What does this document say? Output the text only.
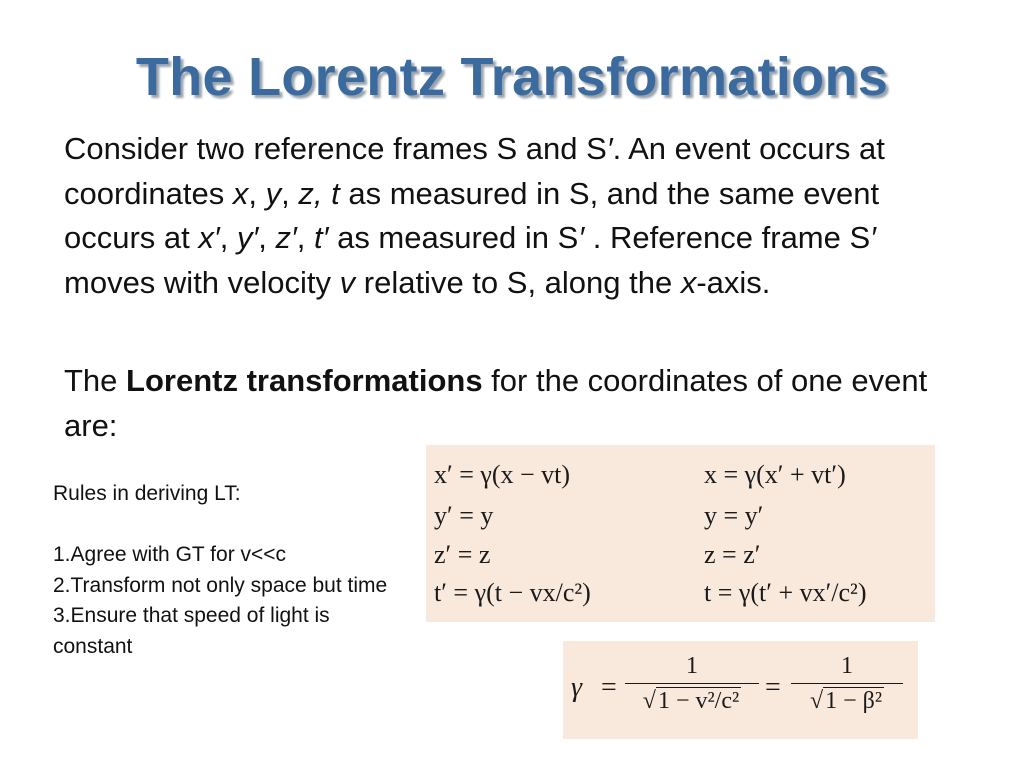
The Lorentz Transformations
Consider two reference frames S and S′. An event occurs at coordinates x, y, z, t as measured in S, and the same event occurs at x′, y′, z′, t′ as measured in S′ . Reference frame S′ moves with velocity v relative to S, along the x-axis.
The Lorentz transformations for the coordinates of one event are:
Rules in deriving LT:
1.Agree with GT for v<<c
2.Transform not only space but time
3.Ensure that speed of light is constant
x′ = γ(x − vt)
y′ = y
z′ = z
t′ = γ(t − vx/c²)
x = γ(x′ + vt′)
y = y′
z = z′
t = γ(t′ + vx′/c²)
γ =
1
√1 − v²/c² =
1
√1 − β²
